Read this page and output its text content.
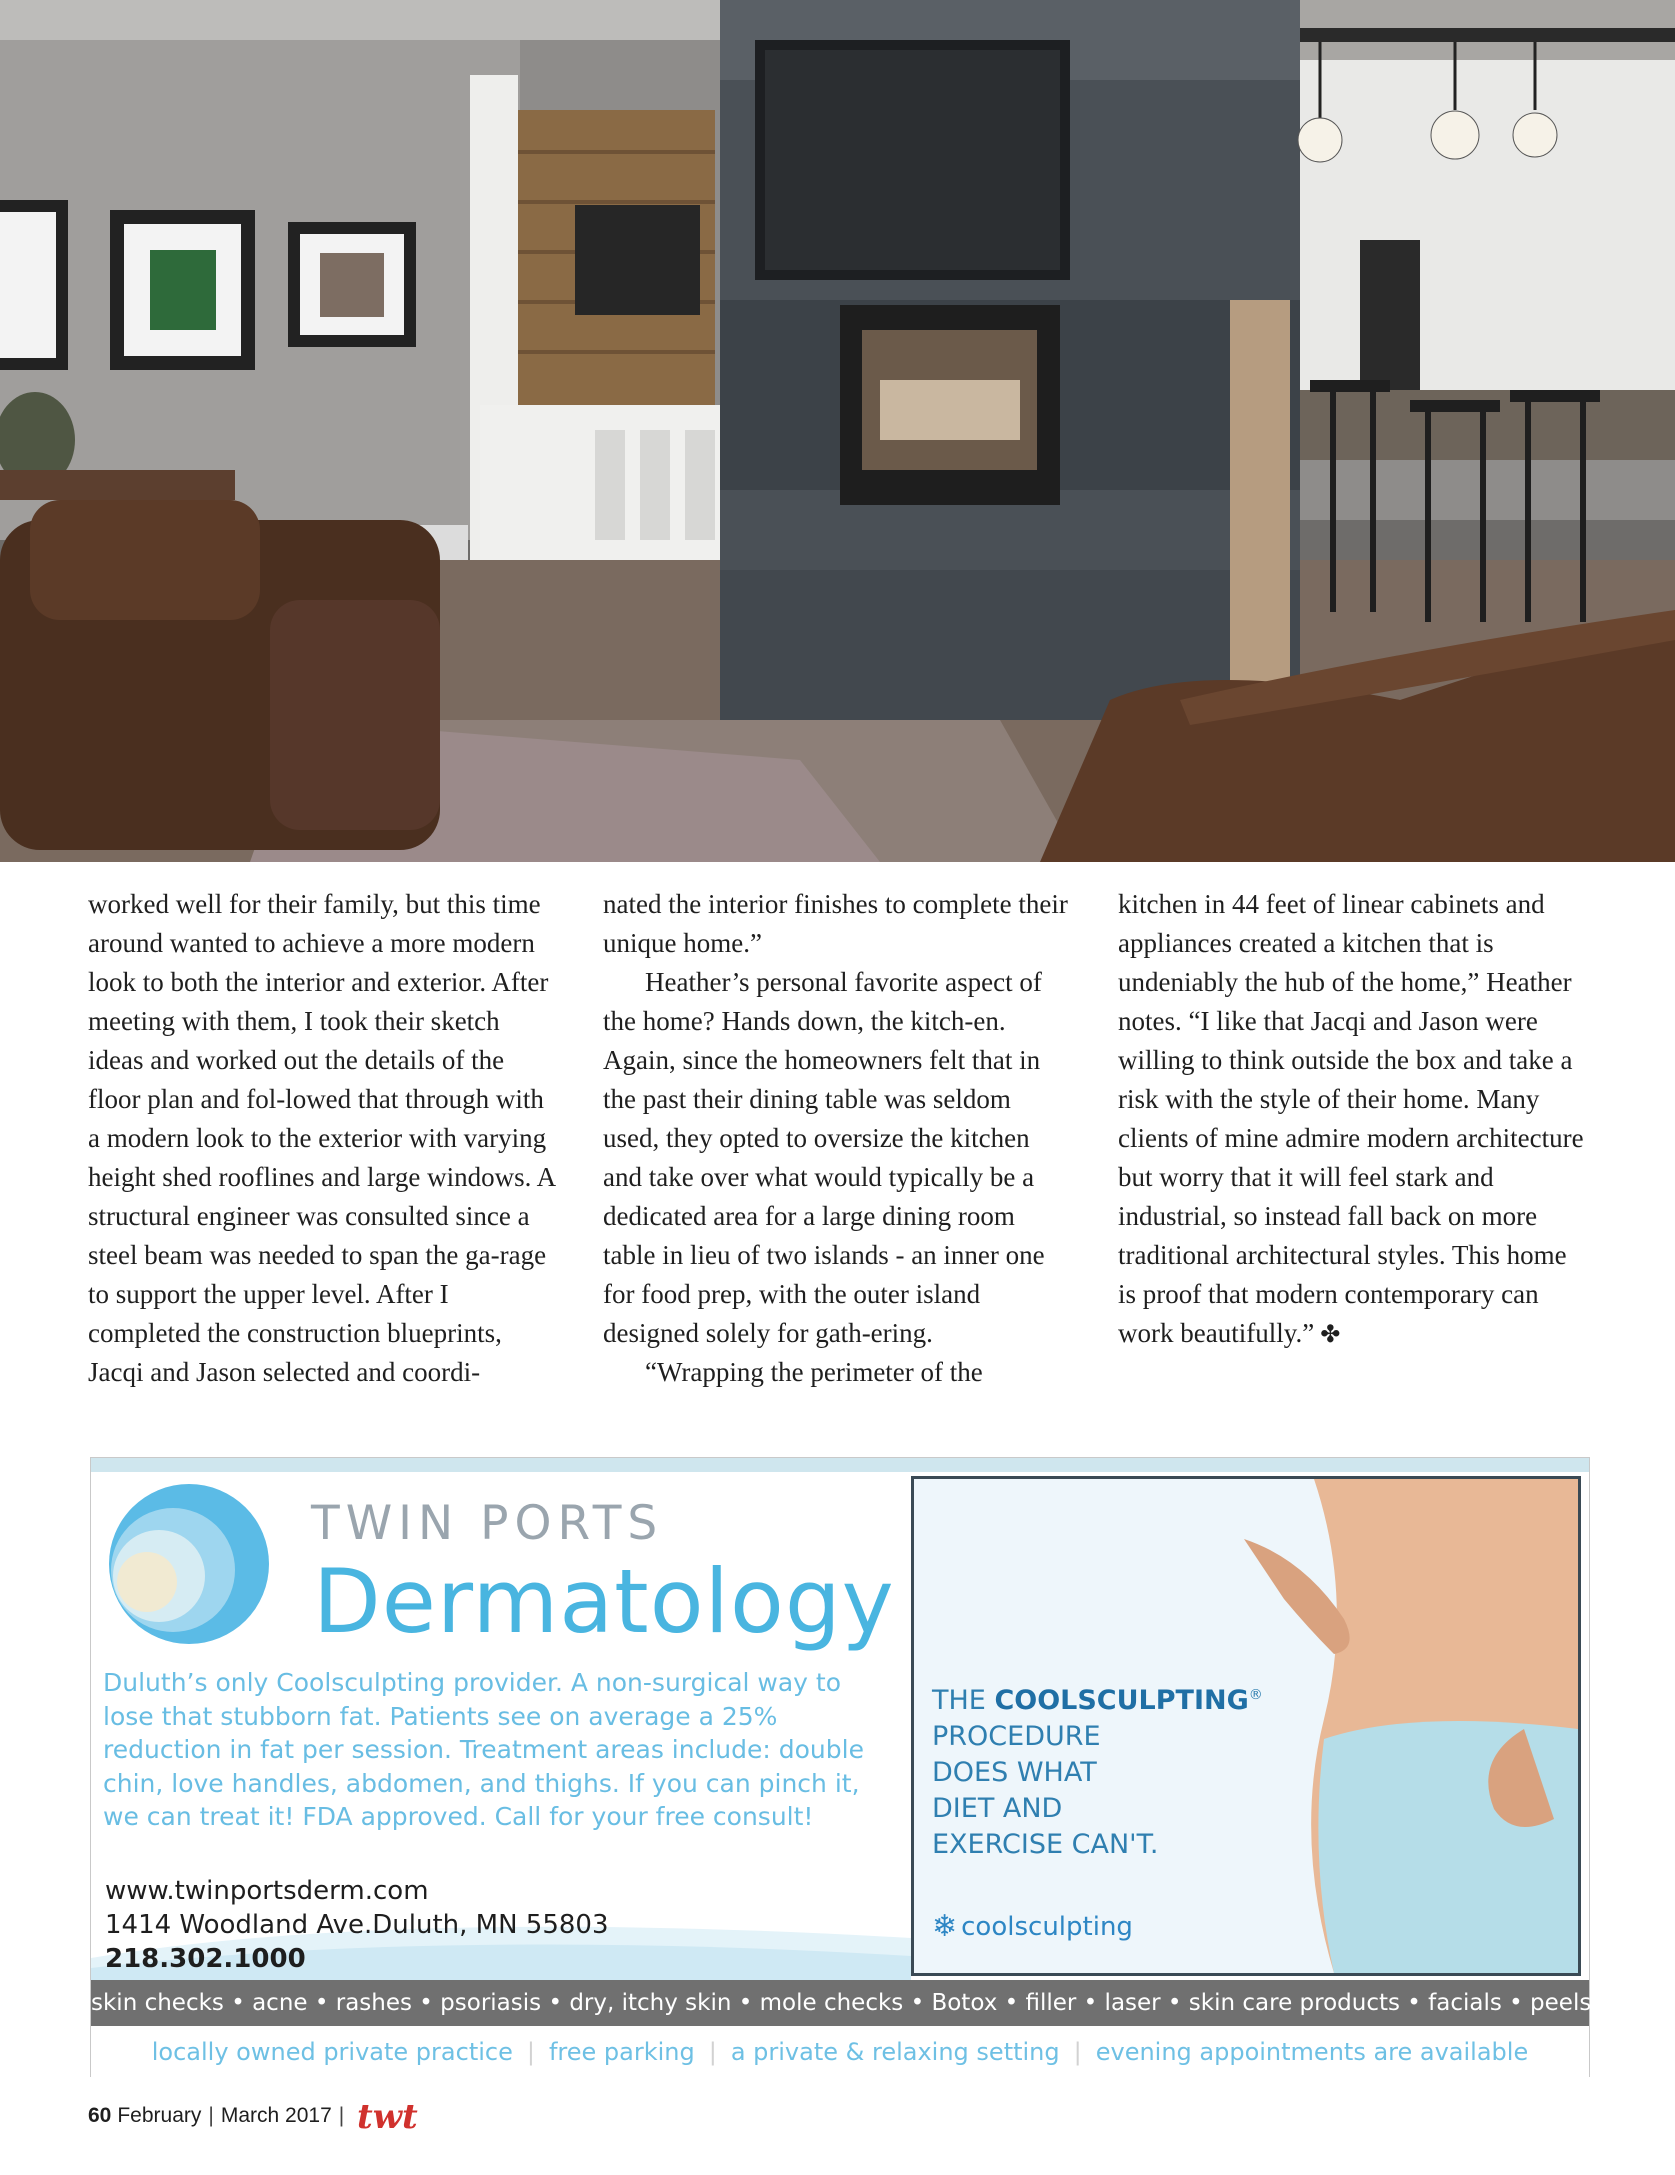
worked well for their family, but this time around wanted to achieve a more modern look to both the interior and exterior. After meeting with them, I took their sketch ideas and worked out the details of the floor plan and fol-lowed that through with a modern look to the exterior with varying height shed rooflines and large windows. A structural engineer was consulted since a steel beam was needed to span the ga-rage to support the upper level. After I completed the construction blueprints, Jacqi and Jason selected and coordi-

nated the interior finishes to complete their unique home.”

Heather’s personal favorite aspect of the home? Hands down, the kitch-en. Again, since the homeowners felt that in the past their dining table was seldom used, they opted to oversize the kitchen and take over what would typically be a dedicated area for a large dining room table in lieu of two islands - an inner one for food prep, with the outer island designed solely for gath-ering.

“Wrapping the perimeter of the

kitchen in 44 feet of linear cabinets and appliances created a kitchen that is undeniably the hub of the home,” Heather notes. “I like that Jacqi and Jason were willing to think outside the box and take a risk with the style of their home. Many clients of mine admire modern architecture but worry that it will feel stark and industrial, so instead fall back on more traditional architectural styles. This home is proof that modern contemporary can work beautifully.” ✤

TWIN PORTS
Dermatology
Duluth’s only Coolsculpting provider. A non-surgical way to lose that stubborn fat. Patients see on average a 25% reduction in fat per session. Treatment areas include: double chin, love handles, abdomen, and thighs. If you can pinch it, we can treat it! FDA approved. Call for your free consult!
www.twinportsderm.com
1414 Woodland Ave.Duluth, MN 55803
218.302.1000
THE COOLSCULPTING®
PROCEDURE
DOES WHAT
DIET AND
EXERCISE CAN'T.
❄ coolsculpting
skin checks • acne • rashes • psoriasis • dry, itchy skin • mole checks • Botox • filler • laser • skin care products • facials • peels
locally owned private practice | free parking | a private & relaxing setting | evening appointments are available
60 February | March 2017 | twt
